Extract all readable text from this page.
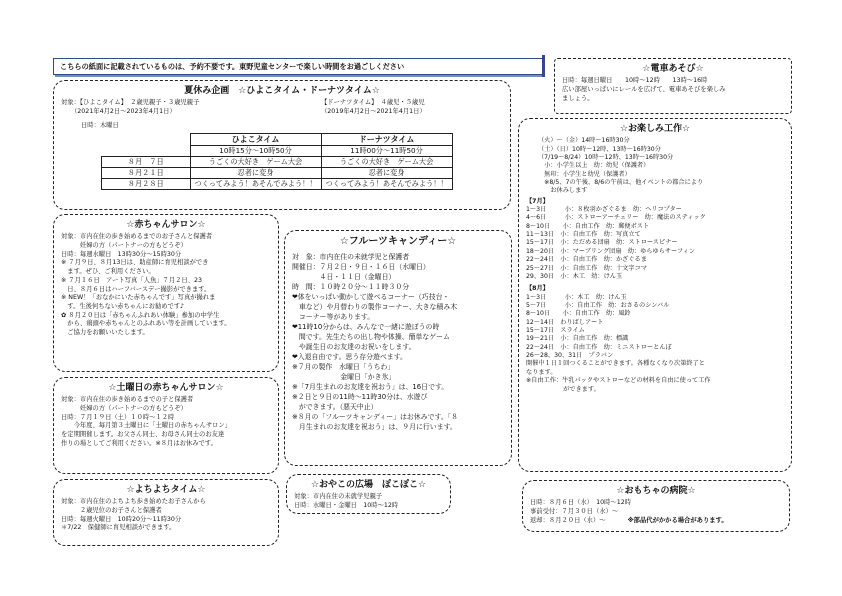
こちらの紙面に記載されているものは、予約不要です。東野児童センターで楽しい時間をお過ごしください
夏休み企画　☆ひよこタイム・ドーナツタイム☆
対象：【ひよこタイム】　２歳児親子・３歳児親子	【ドーナツタイム】　４歳児・５歳児
（2021年4月2日～2023年4月1日）	（2019年4月2日～2021年4月1日）
日時：木曜日
	ひよこタイム	ドーナツタイム
	10時15分～10時50分	11時00分～11時50分
８月　７日	うごくの大好き　ゲーム大会	うごくの大好き　ゲーム大会
８月２１日	忍者に変身	忍者に変身
８月２８日	つくってみよう！あそんでみよう！！	つくってみよう！あそんでみよう！！
☆赤ちゃんサロン☆
対象：市内在住の歩き始めるまでのお子さんと保護者
　　　妊婦の方（パートナーの方もどうぞ）
日時：毎週水曜日　13時30分～15時30分
※ ７月９日、８月13日は、助産師に育児相談ができ
　ます。ぜひ、ご利用ください。
※ ７月１６日　アート写真「人魚」７月２日、23
　日、８月６日はハーフバースデー撮影ができます。
※ NEW！「おなかにいた赤ちゃんです」写真が撮れま
　す。生後何ちない赤ちゃんにお勧めです♪
✿ ８月２０日は「赤ちゃんふれあい体験」参加の中学生
　から、鶏頭や赤ちゃんとのふれあい等を計画しています。
　ご協力をお願いいたします。
☆土曜日の赤ちゃんサロン☆
対象：市内在住の歩き始めるまでの子と保護者
　　　妊婦の方（パートナーの方もどうぞ）
日時：７月１９日（土）１０時～１２時
　　今年度、毎月第３土曜日に「土曜日の赤ちゃんサロン」
を定期開催します。お父さん同士、お母さん同士のお友達
作りの場としてご利用ください。※８月はお休みです。
☆よちよちタイム☆
対象：市内在住のよちよち歩き始めたお子さんから
　　　２歳児位のお子さんと保護者
日時：毎週火曜日　10時20分～11時30分
＊7/22　保健師に育児相談ができます。
☆フルーツキャンディー☆
対　象：市内在住の未就学児と保護者
開催日：７月２日・９日・１６日（水曜日）
　　　　４日・１１日（金曜日）
時　間：１０時２０分～１１時３０分
❤体をいっぱい動かして遊べるコーナー（巧技台・
　車など）や月替わりの製作コーナー、大きな積み木
　コーナー等があります。
❤11時10分からは、みんなで一緒に遊ぼうの時
　間です。先生たちの出し物や体操、簡単なゲーム
　や誕生日のお友達のお祝いをします。
❤入退自由です。思う存分遊べます。
※７月の製作　水曜日「うちわ」
　　　　　　　金曜日「かき氷」
※「7月生まれのお友達を祝おう」は、16日です。
※２日と９日の11時～11時30分は、水遊び
　ができます。（悪天中止）
※８月の「フルーツキャンディー」はお休みです。「８
　月生まれのお友達を祝おう」は、９月に行います。
☆おやこの広場　ぽこぽこ☆
対象：市内在住の未就学児親子
日時：水曜日・金曜日　10時～12時
☆電車あそび☆
日時：毎週日曜日　　10時～12時　　13時～16時
広い部屋いっぱいにレールを広げて、電車あそびを楽しみ
ましょう。
☆お楽しみ工作☆
（火）～（金）14時～16時30分
（土）（日）10時～12時、13時～16時30分
（7/19～8/24）10時～12時、13時～16時30分
　小：小学生以上　幼：幼児（保護者）
　無印：小学生と幼児（保護者）
　※8/5、7の午後、8/6の午前は、他イベントの都合により
　　お休みします
【7月】
1～3日　　　小：８枚羽かざぐるま　幼：ヘリコプター
4～6日　　　小：ストローアーチェリー　幼：魔法のスティック
8～10日　　小：自由工作　幼：郵便ポスト
11～13日　小：自由工作　幼：写真立て
15～17日　小：ただめる団扇　幼：ストロースピナー
18～20日　小：マーブリング団扇　幼：ゆらゆらサーフィン
22～24日　小：自由工作　幼：かざぐるま
25～27日　小：自由工作　幼：十文字コマ
29、30日　小：木工　幼：けん玉
【8月】
1～3日　　　小：木工　幼：けん玉
5～7日　　　小：自由工作　幼：おさるのシンバル
8～10日　　小：自由工作　幼：風鈴
12～14日　わりばしアート
15～17日　スライム
19～21日　小：自由工作　幼：標識
22～24日　小：自由工作　幼：ミニストローとんぼ
26～28、30、31日　プラバン
開催中１日１回つくることができます。各種なくなり次第終了と
なります。
※自由工作：牛乳パックやストローなどの材料を自由に使って工作
　　　　　　ができます。
☆おもちゃの病院☆
日時：８月６日（水）　10時～12時
事前受付：７月３０日（水）～
返却：８月２０日（水）～	※部品代がかかる場合があります。
